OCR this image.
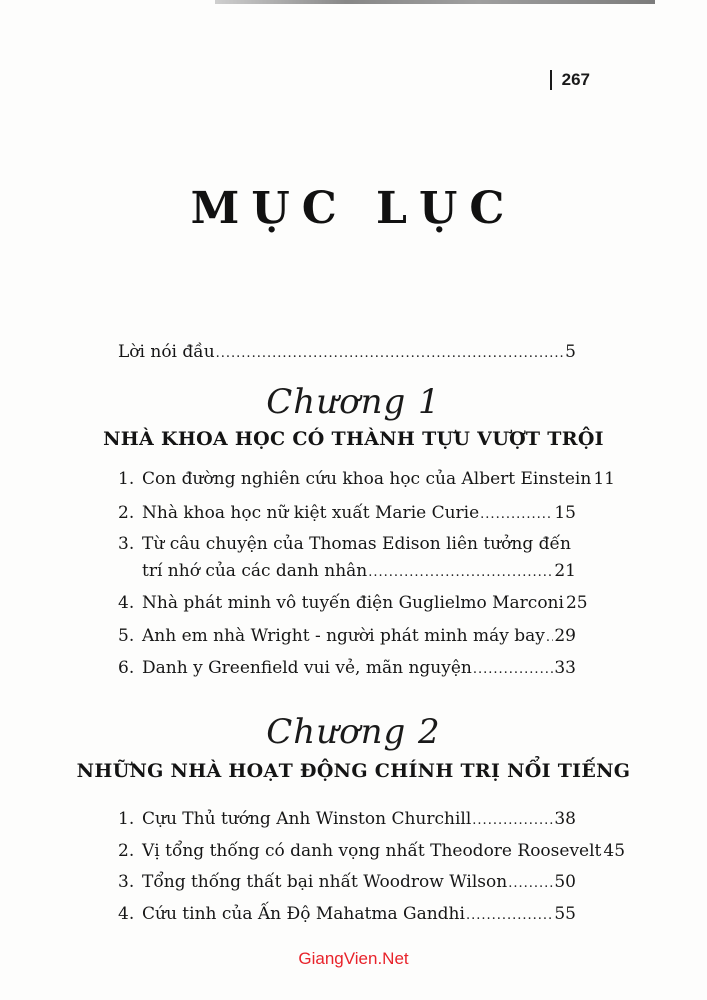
267
MỤC LỤC
Lời nói đầu .....	5
Chương 1
NHÀ KHOA HỌC CÓ THÀNH TỰU VƯỢT TRỘI
1. Con đường nghiên cứu khoa học của Albert Einstein 11
2. Nhà khoa học nữ kiệt xuất Marie Curie .....	15
3. Từ câu chuyện của Thomas Edison liên tưởng đến
trí nhớ của các danh nhân .....	21
4. Nhà phát minh vô tuyến điện Guglielmo Marconi 25
5. Anh em nhà Wright - người phát minh máy bay ..... 29
6. Danh y Greenfield vui vẻ, mãn nguyện .....	33
Chương 2
NHỮNG NHÀ HOẠT ĐỘNG CHÍNH TRỊ NỔI TIẾNG
1. Cựu Thủ tướng Anh Winston Churchill .....	38
2. Vị tổng thống có danh vọng nhất Theodore Roosevelt 45
3. Tổng thống thất bại nhất Woodrow Wilson .....	50
4. Cứu tinh của Ấn Độ Mahatma Gandhi .....	55
GiangVien.Net
